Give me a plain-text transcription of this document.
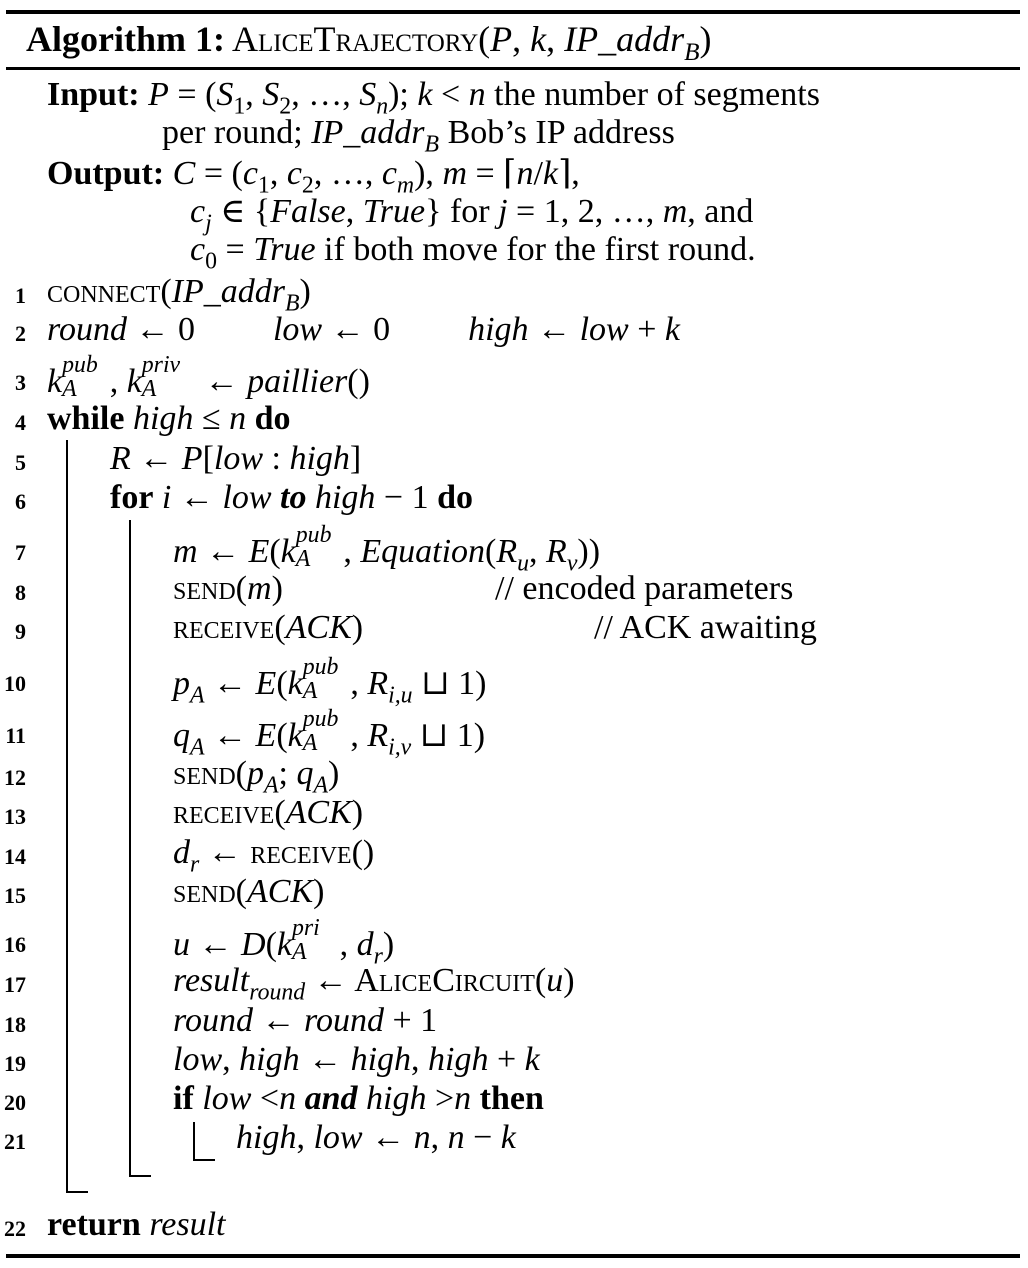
Algorithm 1: AliceTrajectory(P, k, IP_addr$_B$)
Input: $P = (S_1$, $S_2$, …, $S_n$); k < n the number of segments
per round; IP_addr$_B$ Bob’s IP address
Output: $C = (c_1$, $c_2$, …, $c_m$), m = ⌈n/k⌉,
$c_j$ ∈ {False, True} for j = 1, 2, …, m, and
$c_0$ = True if both move for the first round.
1
2
3
4
5
6
7
8
9
10
11
12
13
14
15
16
17
18
19
20
21
22
connect(IP_addr$_B$)
round ← 0 low ← 0 high ← low + k
k pub
A , k priv
A ← paillier()
while high ≤ n do
R ← P[low : high]
for i ← low to high − 1 do
m ← E(k pub
A , $Equation(R_u$, $R_v$))
send(m)	// encoded parameters
receive(ACK)	// ACK awaiting
$p_A$ ← E(k pub
A , $R_{i,u}$ ⊔ 1)
$q_A$ ← E(k pub
A , $R_{i,v}$ ⊔ 1)
$send(p_A$; $q_A$)
receive(ACK)
$d_r$ ← receive()
send(ACK)
u ← D(k pri
A , $d_r$)
result$_{round}$ ← AliceCircuit(u)
round ← round + 1
low, high ← high, high + k
if low <n and high >n then
high, low ← n, n − k
return result
